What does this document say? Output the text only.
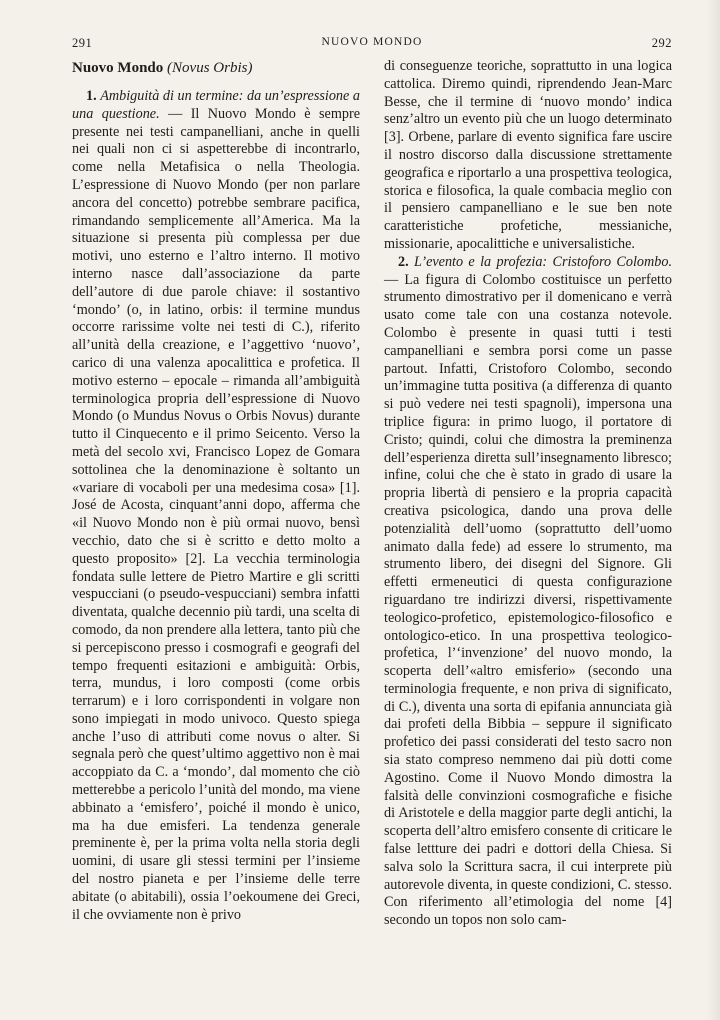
291	NUOVO MONDO	292
Nuovo Mondo (Novus Orbis)

1. Ambiguità di un termine: da un’espressione a una questione. — Il Nuovo Mondo è sempre presente nei testi campanelliani, anche in quelli nei quali non ci si aspetterebbe di incontrarlo, come nella Metafisica o nella Theologia. L’espressione di Nuovo Mondo (per non parlare ancora del concetto) potrebbe sembrare pacifica, rimandando semplicemente all’America. Ma la situazione si presenta più complessa per due motivi, uno esterno e l’altro interno. Il motivo interno nasce dall’associazione da parte dell’autore di due parole chiave: il sostantivo ‘mondo’ (o, in latino, orbis: il termine mundus occorre rarissime volte nei testi di C.), riferito all’unità della creazione, e l’aggettivo ‘nuovo’, carico di una valenza apocalittica e profetica. Il motivo esterno – epocale – rimanda all’ambiguità terminologica propria dell’espressione di Nuovo Mondo (o Mundus Novus o Orbis Novus) durante tutto il Cinquecento e il primo Seicento. Verso la metà del secolo xvi, Francisco Lopez de Gomara sottolinea che la denominazione è soltanto un «variare di vocaboli per una medesima cosa» [1]. José de Acosta, cinquant’anni dopo, afferma che «il Nuovo Mondo non è più ormai nuovo, bensì vecchio, dato che si è scritto e detto molto a questo proposito» [2]. La vecchia terminologia fondata sulle lettere de Pietro Martire e gli scritti vespucciani (o pseudo-vespucciani) sembra infatti diventata, qualche decennio più tardi, una scelta di comodo, da non prendere alla lettera, tanto più che si percepiscono presso i cosmografi e geografi del tempo frequenti esitazioni e ambiguità: Orbis, terra, mundus, i loro composti (come orbis terrarum) e i loro corrispondenti in volgare non sono impiegati in modo univoco. Questo spiega anche l’uso di attributi come novus o alter. Si segnala però che quest’ultimo aggettivo non è mai accoppiato da C. a ‘mondo’, dal momento che ciò metterebbe a pericolo l’unità del mondo, ma viene abbinato a ‘emisfero’, poiché il mondo è unico, ma ha due emisferi. La tendenza generale preminente è, per la prima volta nella storia degli uomini, di usare gli stessi termini per l’insieme del nostro pianeta e per l’insieme delle terre abitate (o abitabili), ossia l’oekoumene dei Greci, il che ovviamente non è privo

di conseguenze teoriche, soprattutto in una logica cattolica. Diremo quindi, riprendendo Jean-Marc Besse, che il termine di ‘nuovo mondo’ indica senz’altro un evento più che un luogo determinato [3]. Orbene, parlare di evento significa fare uscire il nostro discorso dalla discussione strettamente geografica e riportarlo a una prospettiva teologica, storica e filosofica, la quale combacia meglio con il pensiero campanelliano e le sue ben note caratteristiche profetiche, messianiche, missionarie, apocalittiche e universalistiche.

2. L’evento e la profezia: Cristoforo Colombo. — La figura di Colombo costituisce un perfetto strumento dimostrativo per il domenicano e verrà usato come tale con una costanza notevole. Colombo è presente in quasi tutti i testi campanelliani e sembra porsi come un passe partout. Infatti, Cristoforo Colombo, secondo un’immagine tutta positiva (a differenza di quanto si può vedere nei testi spagnoli), impersona una triplice figura: in primo luogo, il portatore di Cristo; quindi, colui che dimostra la preminenza dell’esperienza diretta sull’insegnamento libresco; infine, colui che che è stato in grado di usare la propria libertà di pensiero e la propria capacità creativa psicologica, dando una prova delle potenzialità dell’uomo (soprattutto dell’uomo animato dalla fede) ad essere lo strumento, ma strumento libero, dei disegni del Signore. Gli effetti ermeneutici di questa configurazione riguardano tre indirizzi diversi, rispettivamente teologico-profetico, epistemologico-filosofico e ontologico-etico. In una prospettiva teologico-profetica, l’‘invenzione’ del nuovo mondo, la scoperta dell’«altro emisferio» (secondo una terminologia frequente, e non priva di significato, di C.), diventa una sorta di epifania annunciata già dai profeti della Bibbia – seppure il significato profetico dei passi considerati del testo sacro non sia stato compreso nemmeno dai più dotti come Agostino. Come il Nuovo Mondo dimostra la falsità delle convinzioni cosmografiche e fisiche di Aristotele e della maggior parte degli antichi, la scoperta dell’altro emisfero consente di criticare le false lettture dei padri e dottori della Chiesa. Si salva solo la Scrittura sacra, il cui interprete più autorevole diventa, in queste condizioni, C. stesso. Con riferimento all’etimologia del nome [4] secondo un topos non solo cam-
